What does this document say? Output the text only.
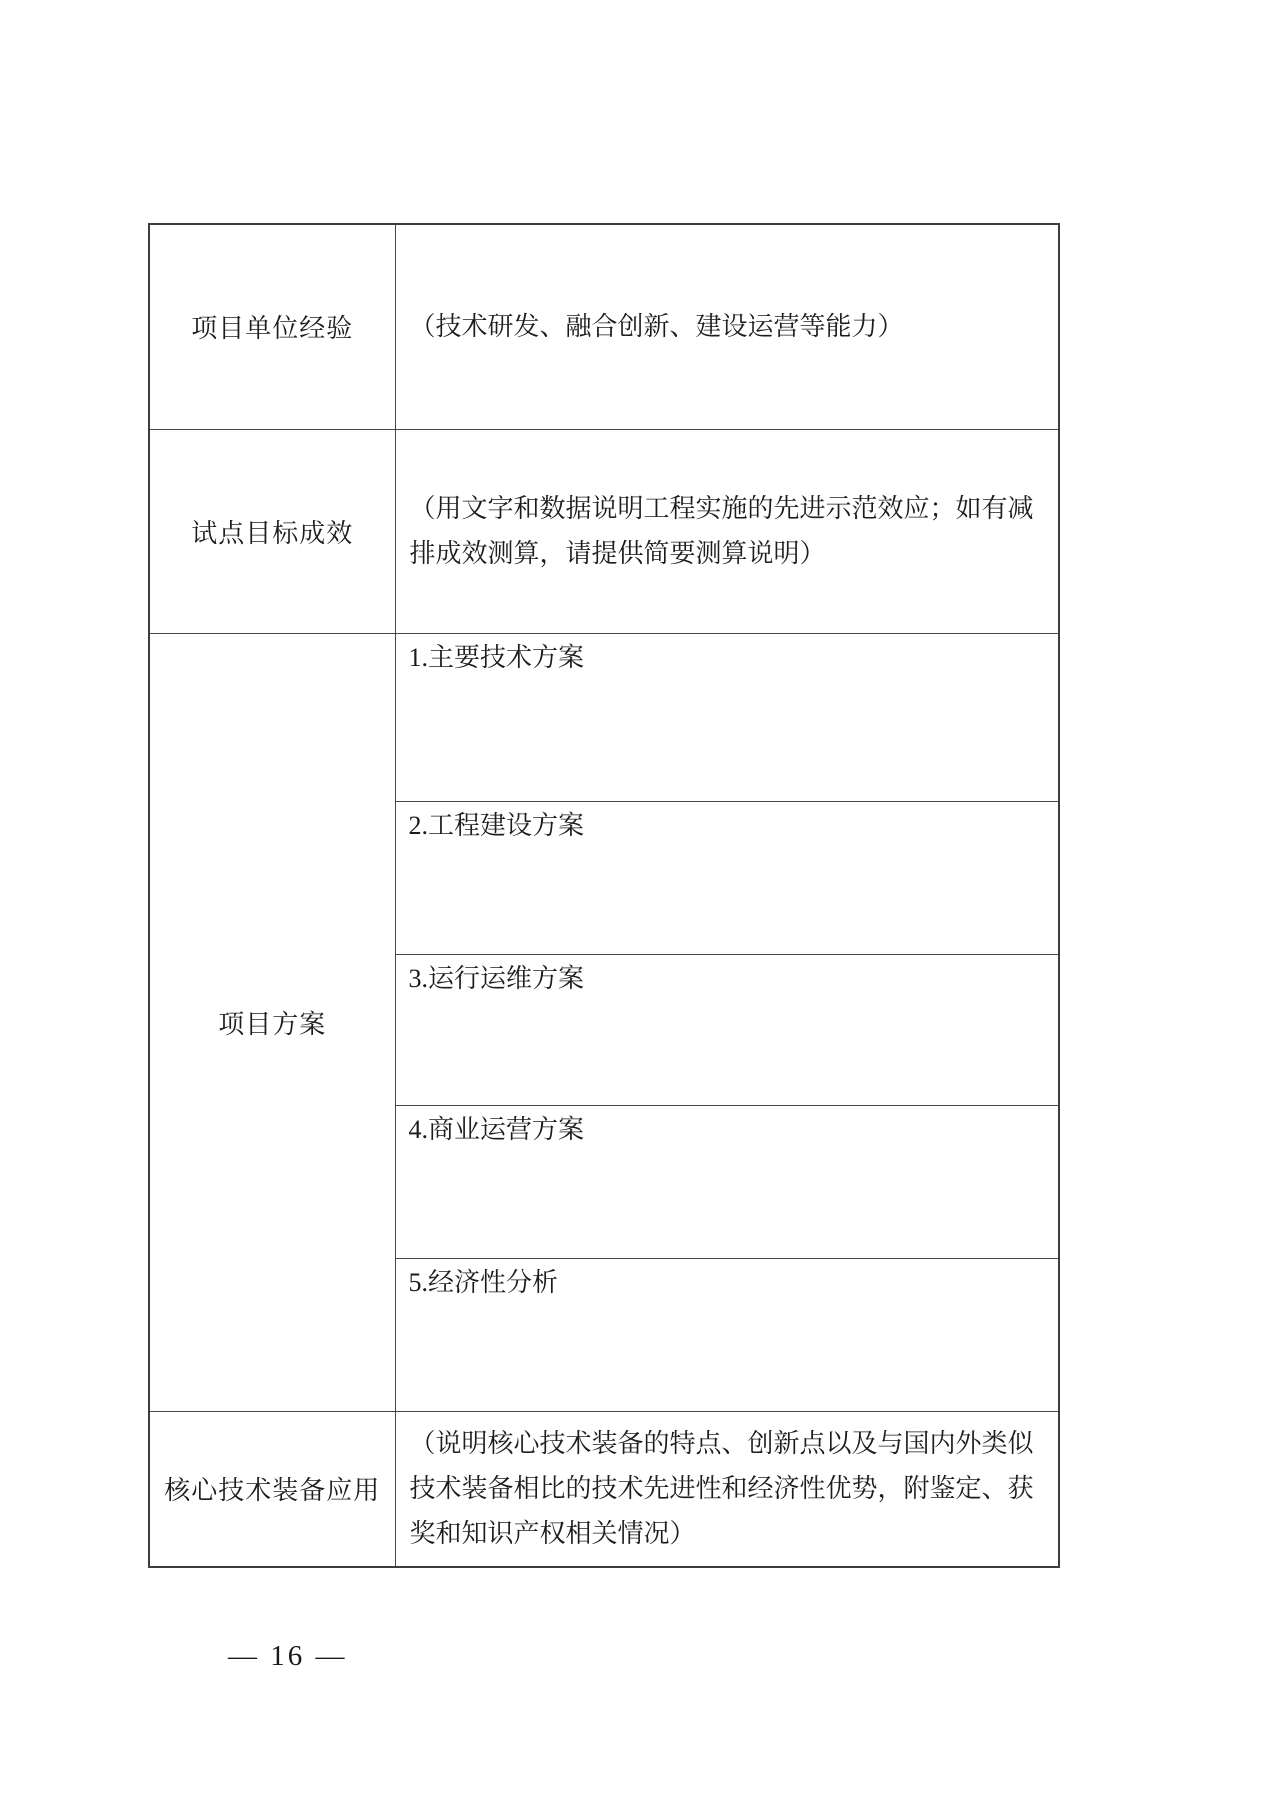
项目单位经验	（技术研发、融合创新、建设运营等能力）

试点目标成效	（用文字和数据说明工程实施的先进示范效应；如有减
排成效测算，请提供简要测算说明）

项目方案	1.主要技术方案

	2.工程建设方案

	3.运行运维方案

	4.商业运营方案

	5.经济性分析

核心技术装备应用	（说明核心技术装备的特点、创新点以及与国内外类似
技术装备相比的技术先进性和经济性优势，附鉴定、获
奖和知识产权相关情况）
— 16 —
